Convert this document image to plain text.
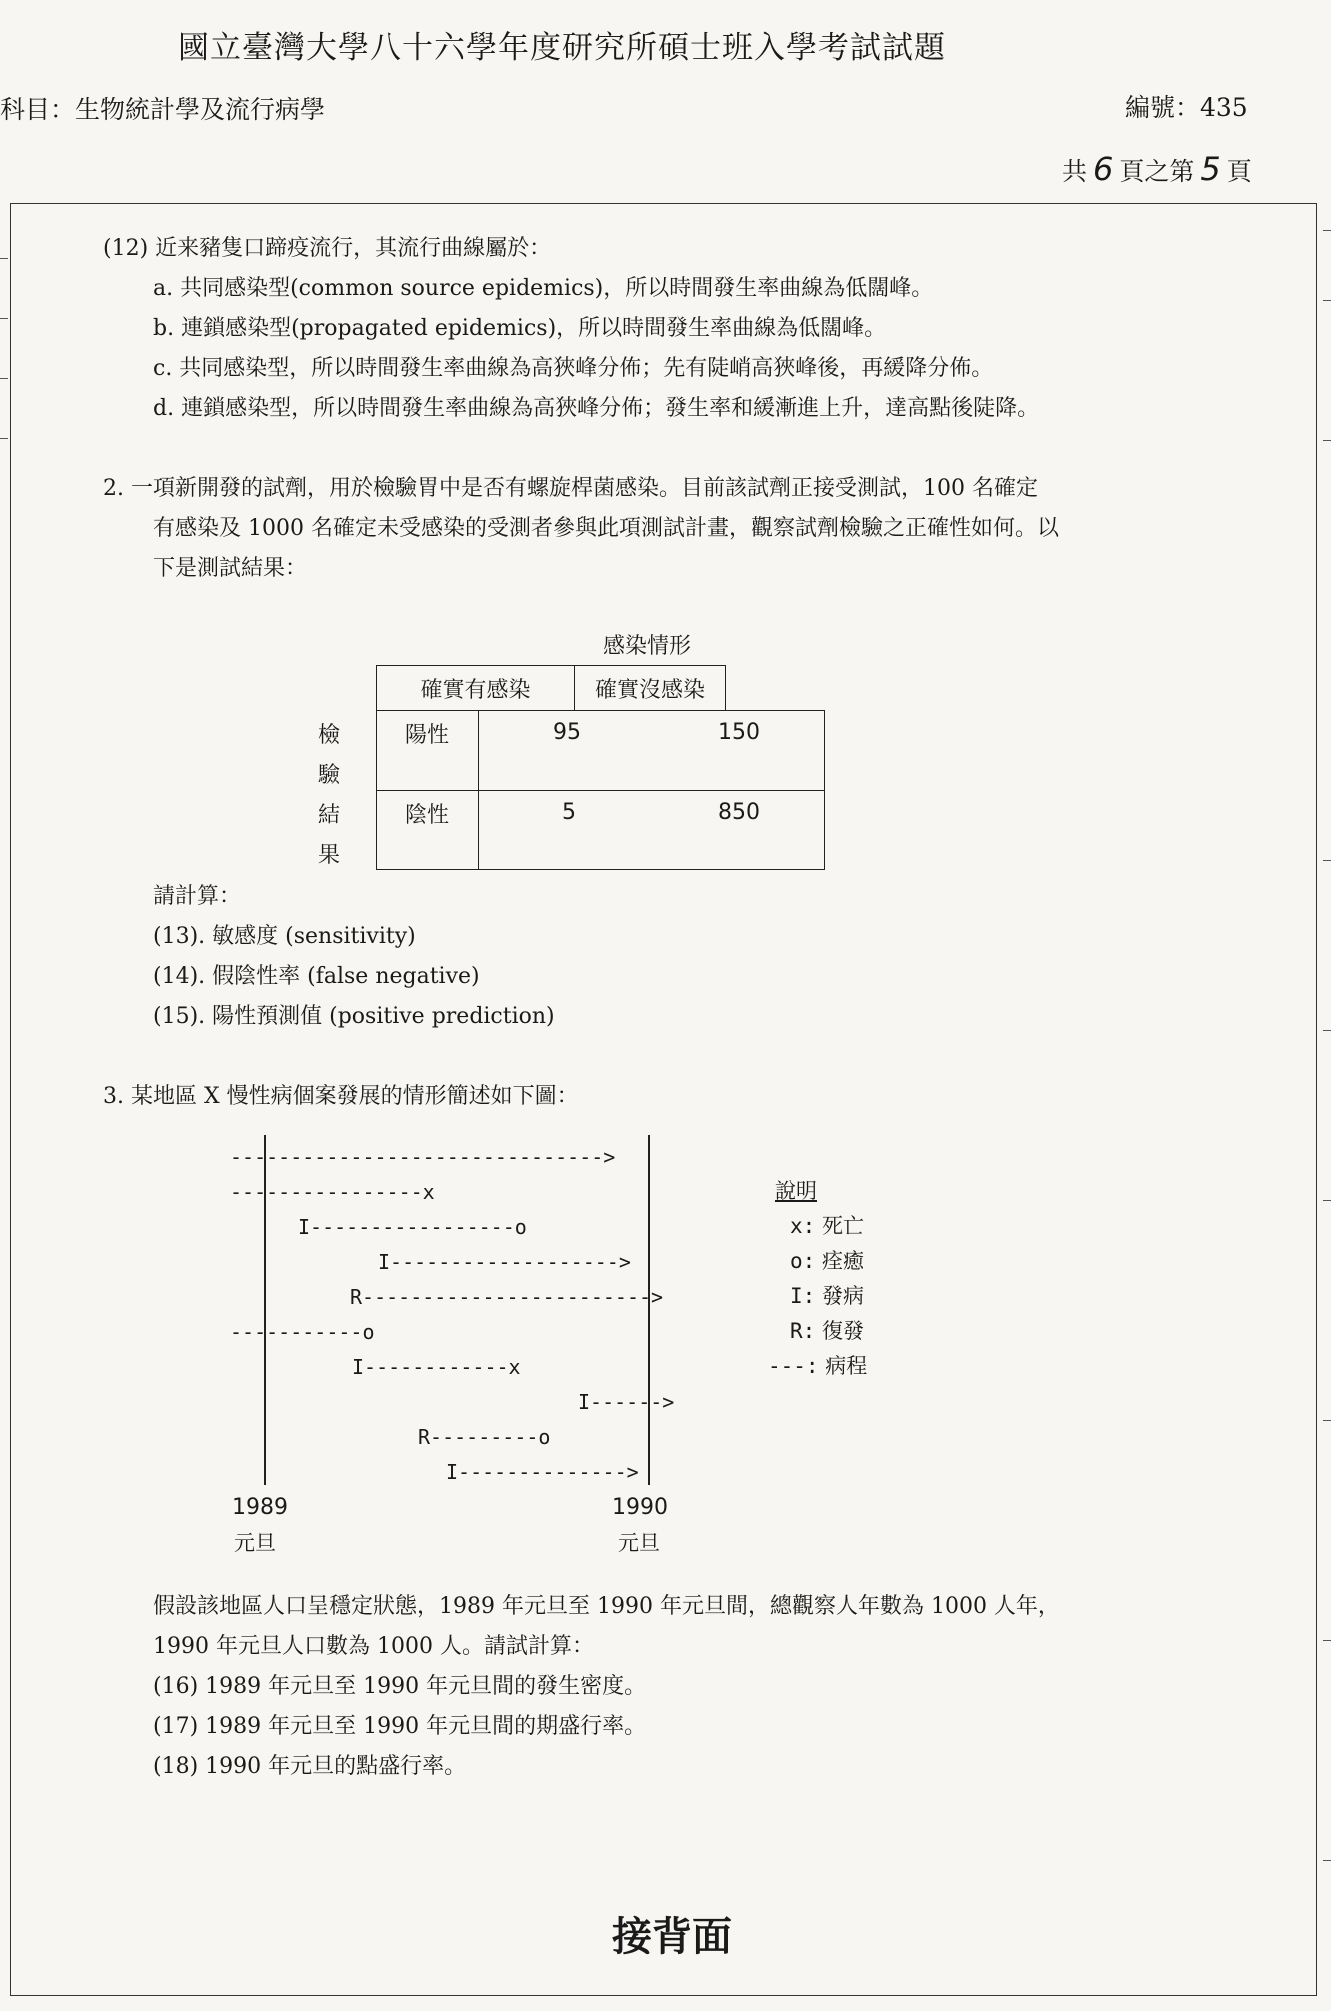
國立臺灣大學八十六學年度研究所碩士班入學考試試題
科目：生物統計學及流行病學	編號：435
共 6 頁之第 5 頁
(12) 近来豬隻口蹄疫流行，其流行曲線屬於：
a. 共同感染型(common source epidemics)，所以時間發生率曲線為低闊峰。
b. 連鎖感染型(propagated epidemics)，所以時間發生率曲線為低闊峰。
c. 共同感染型，所以時間發生率曲線為高狹峰分佈；先有陡峭高狹峰後，再緩降分佈。
d. 連鎖感染型，所以時間發生率曲線為高狹峰分佈；發生率和緩漸進上升，達高點後陡降。
2. 一項新開發的試劑，用於檢驗胃中是否有螺旋桿菌感染。目前該試劑正接受測試，100 名確定
有感染及 1000 名確定未受感染的受測者參與此項測試計畫，觀察試劑檢驗之正確性如何。以
下是測試結果：
感染情形
確實有感染	確實沒感染
陽性	95	150
陰性	5	850
檢
驗
結
果
請計算：
(13). 敏感度 (sensitivity)
(14). 假陰性率 (false negative)
(15). 陽性預測值 (positive prediction)
3. 某地區 X 慢性病個案發展的情形簡述如下圖：
------------------------------->
----------------x
I-----------------o
I------------------->
R------------------------>
-----------o
I------------x
I------>
R---------o
I-------------->
1989
元旦
1990
元旦
說明
x: 死亡
o: 痊癒
I: 發病
R: 復發
---: 病程
假設該地區人口呈穩定狀態，1989 年元旦至 1990 年元旦間，總觀察人年數為 1000 人年，
1990 年元旦人口數為 1000 人。請試計算：
(16) 1989 年元旦至 1990 年元旦間的發生密度。
(17) 1989 年元旦至 1990 年元旦間的期盛行率。
(18) 1990 年元旦的點盛行率。
接背面
